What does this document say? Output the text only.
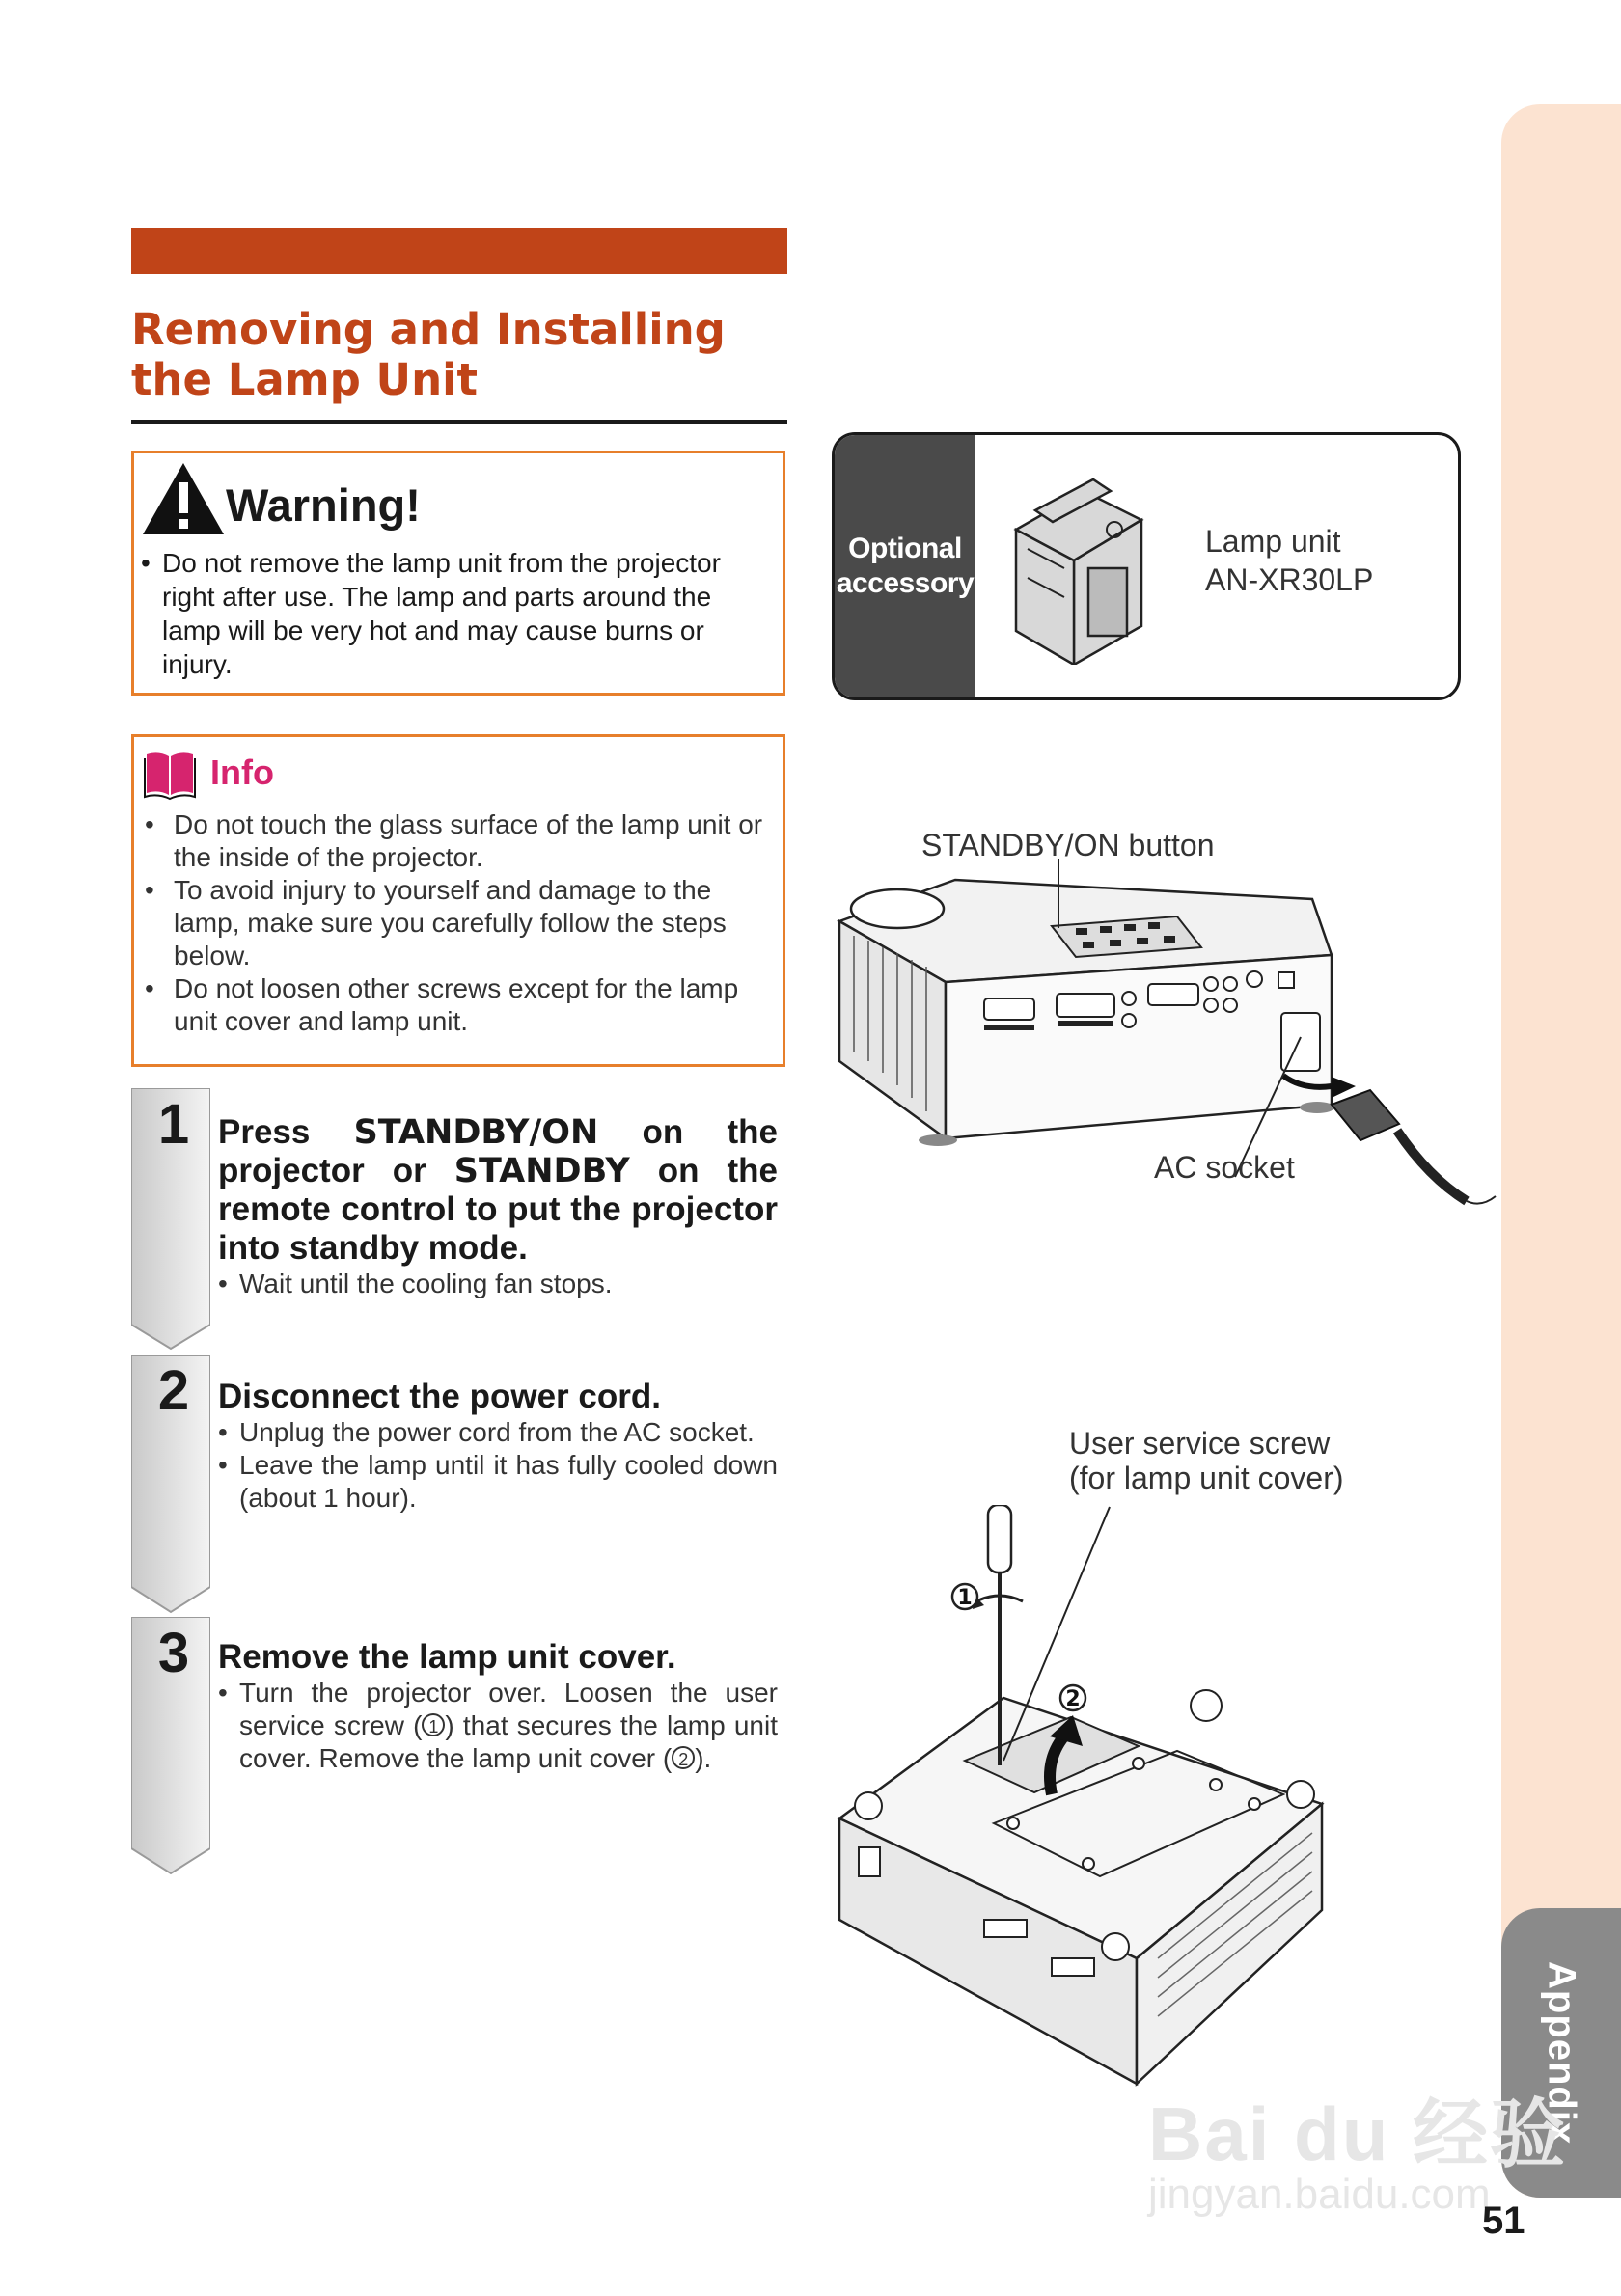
Appendix
Removing and Installing
the Lamp Unit
Warning!
• Do not remove the lamp unit from the projector right after use. The lamp and parts around the lamp will be very hot and may cause burns or injury.
Info
• Do not touch the glass surface of the lamp unit or the inside of the projector.
• To avoid injury to yourself and damage to the lamp, make sure you carefully follow the steps below.
• Do not loosen other screws except for the lamp unit cover and lamp unit.
Optional
accessory
Lamp unit
AN-XR30LP
1
2
3
Press STANDBY/ON on the projector or STANDBY on the remote control to put the projector into standby mode.
• Wait until the cooling fan stops.
Disconnect the power cord.
• Unplug the power cord from the AC socket.
• Leave the lamp until it has fully cooled down (about 1 hour).
Remove the lamp unit cover.
• Turn the projector over. Loosen the user service screw ( 1 ) that secures the lamp unit cover. Remove the lamp unit cover ( 2 ).
STANDBY/ON button
AC socket
User service screw
(for lamp unit cover)
1
2
Bai du 经验
jingyan.baidu.com
51
